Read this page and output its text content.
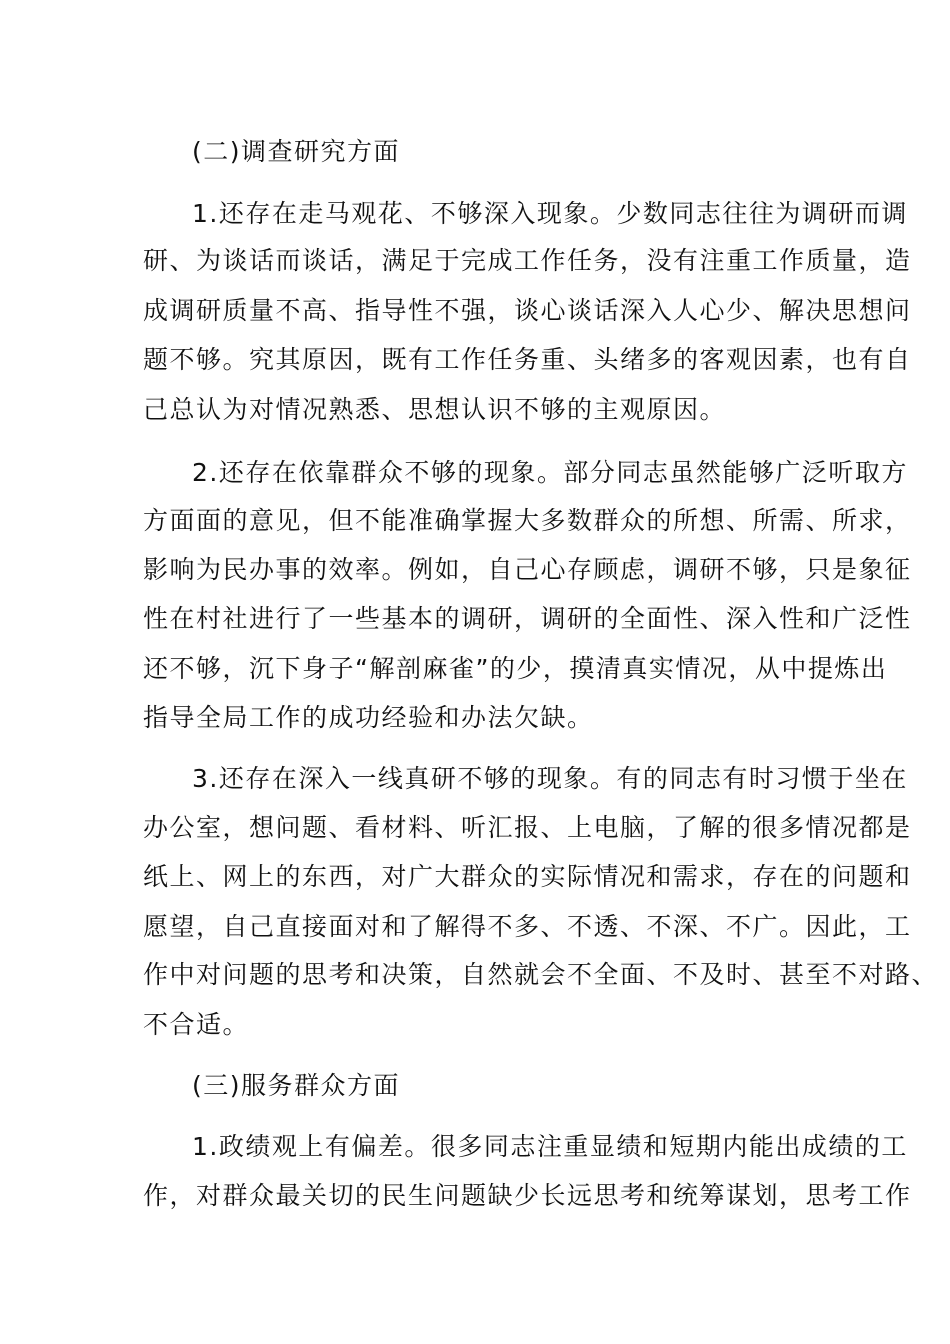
(二)调查研究方面
1.还存在走马观花、不够深入现象。少数同志往往为调研而调
研、为谈话而谈话，满足于完成工作任务，没有注重工作质量，造
成调研质量不高、指导性不强，谈心谈话深入人心少、解决思想问
题不够。究其原因，既有工作任务重、头绪多的客观因素，也有自
己总认为对情况熟悉、思想认识不够的主观原因。
2.还存在依靠群众不够的现象。部分同志虽然能够广泛听取方
方面面的意见，但不能准确掌握大多数群众的所想、所需、所求，
影响为民办事的效率。例如，自己心存顾虑，调研不够，只是象征
性在村社进行了一些基本的调研，调研的全面性、深入性和广泛性
还不够，沉下身子“解剖麻雀”的少，摸清真实情况，从中提炼出
指导全局工作的成功经验和办法欠缺。
3.还存在深入一线真研不够的现象。有的同志有时习惯于坐在
办公室，想问题、看材料、听汇报、上电脑，了解的很多情况都是
纸上、网上的东西，对广大群众的实际情况和需求，存在的问题和
愿望，自己直接面对和了解得不多、不透、不深、不广。因此，工
作中对问题的思考和决策，自然就会不全面、不及时、甚至不对路、
不合适。
(三)服务群众方面
1.政绩观上有偏差。很多同志注重显绩和短期内能出成绩的工
作，对群众最关切的民生问题缺少长远思考和统筹谋划，思考工作
